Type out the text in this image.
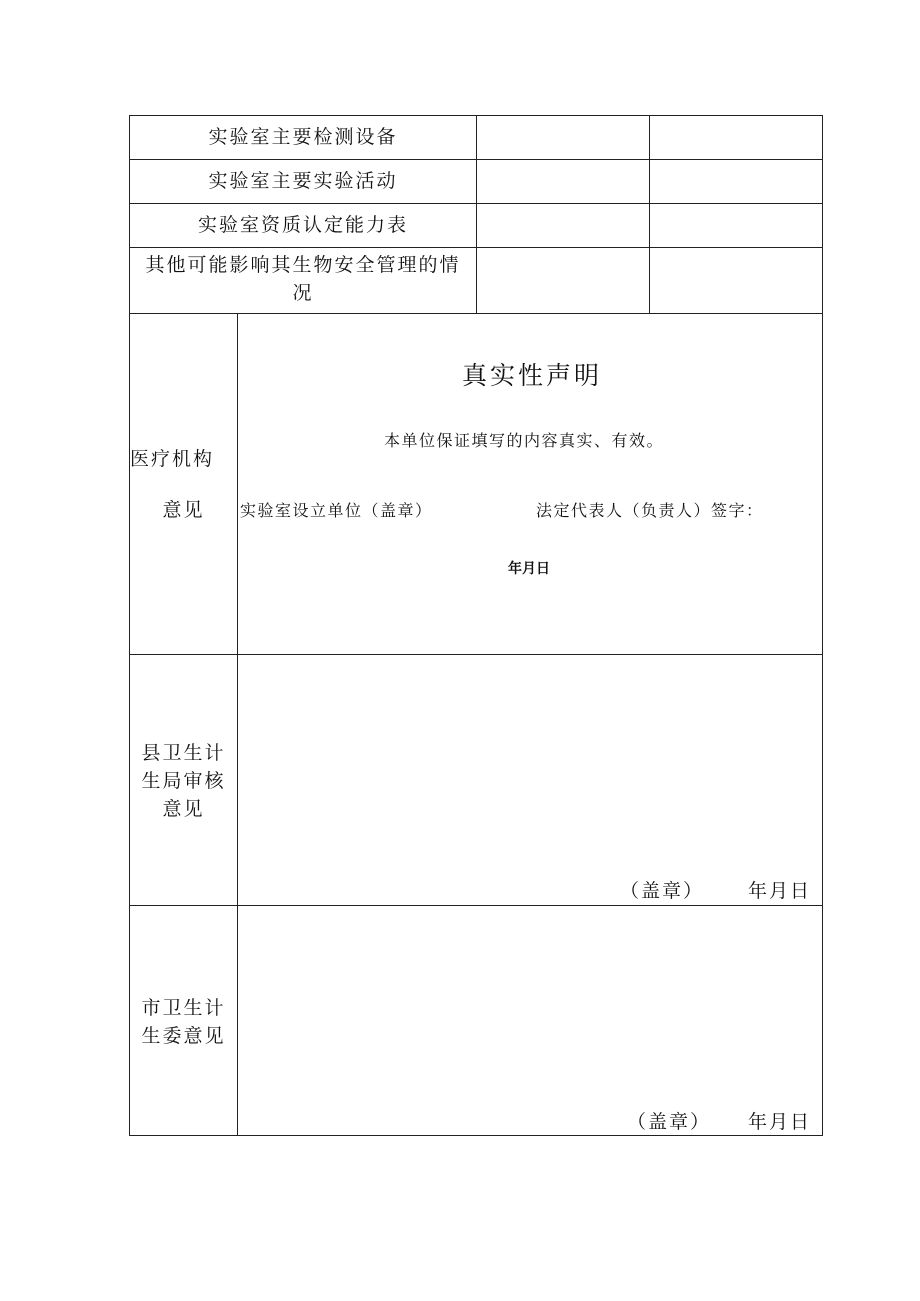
实验室主要检测设备
实验室主要实验活动
实验室资质认定能力表
其他可能影响其生物安全管理的情
况
医疗机构
意见
真实性声明
本单位保证填写的内容真实、有效。
实验室设立单位（盖章）	法定代表人（负责人）签字：
年月日
县卫生计
生局审核
意见
（盖章） 年月日
市卫生计
生委意见
（盖章） 年月日
